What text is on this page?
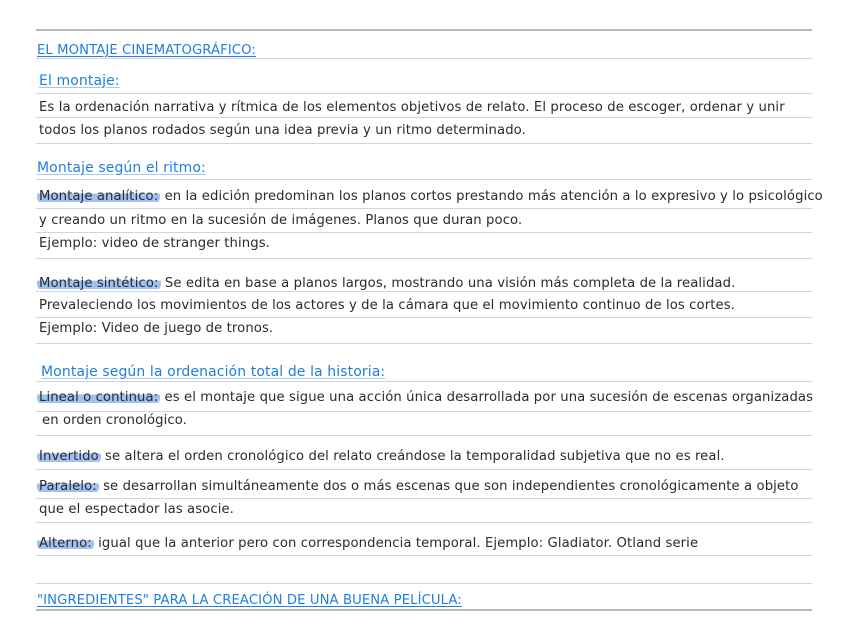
EL MONTAJE CINEMATOGRÁFICO:
El montaje:
Es la ordenación narrativa y rítmica de los elementos objetivos de relato. El proceso de escoger, ordenar y unir
todos los planos rodados según una idea previa y un ritmo determinado.
Montaje según el ritmo:
Montaje analítico: en la edición predominan los planos cortos prestando más atención a lo expresivo y lo psicológico
y creando un ritmo en la sucesión de imágenes. Planos que duran poco.
Ejemplo: video de stranger things.
Montaje sintético: Se edita en base a planos largos, mostrando una visión más completa de la realidad.
Prevaleciendo los movimientos de los actores y de la cámara que el movimiento continuo de los cortes.
Ejemplo: Video de juego de tronos.
Montaje según la ordenación total de la historia:
Lineal o continua: es el montaje que sigue una acción única desarrollada por una sucesión de escenas organizadas
en orden cronológico.
Invertido se altera el orden cronológico del relato creándose la temporalidad subjetiva que no es real.
Paralelo: se desarrollan simultáneamente dos o más escenas que son independientes cronológicamente a objeto
que el espectador las asocie.
Alterno: igual que la anterior pero con correspondencia temporal. Ejemplo: Gladiator. Otland serie
"INGREDIENTES" PARA LA CREACIÓN DE UNA BUENA PELÍCULA:
